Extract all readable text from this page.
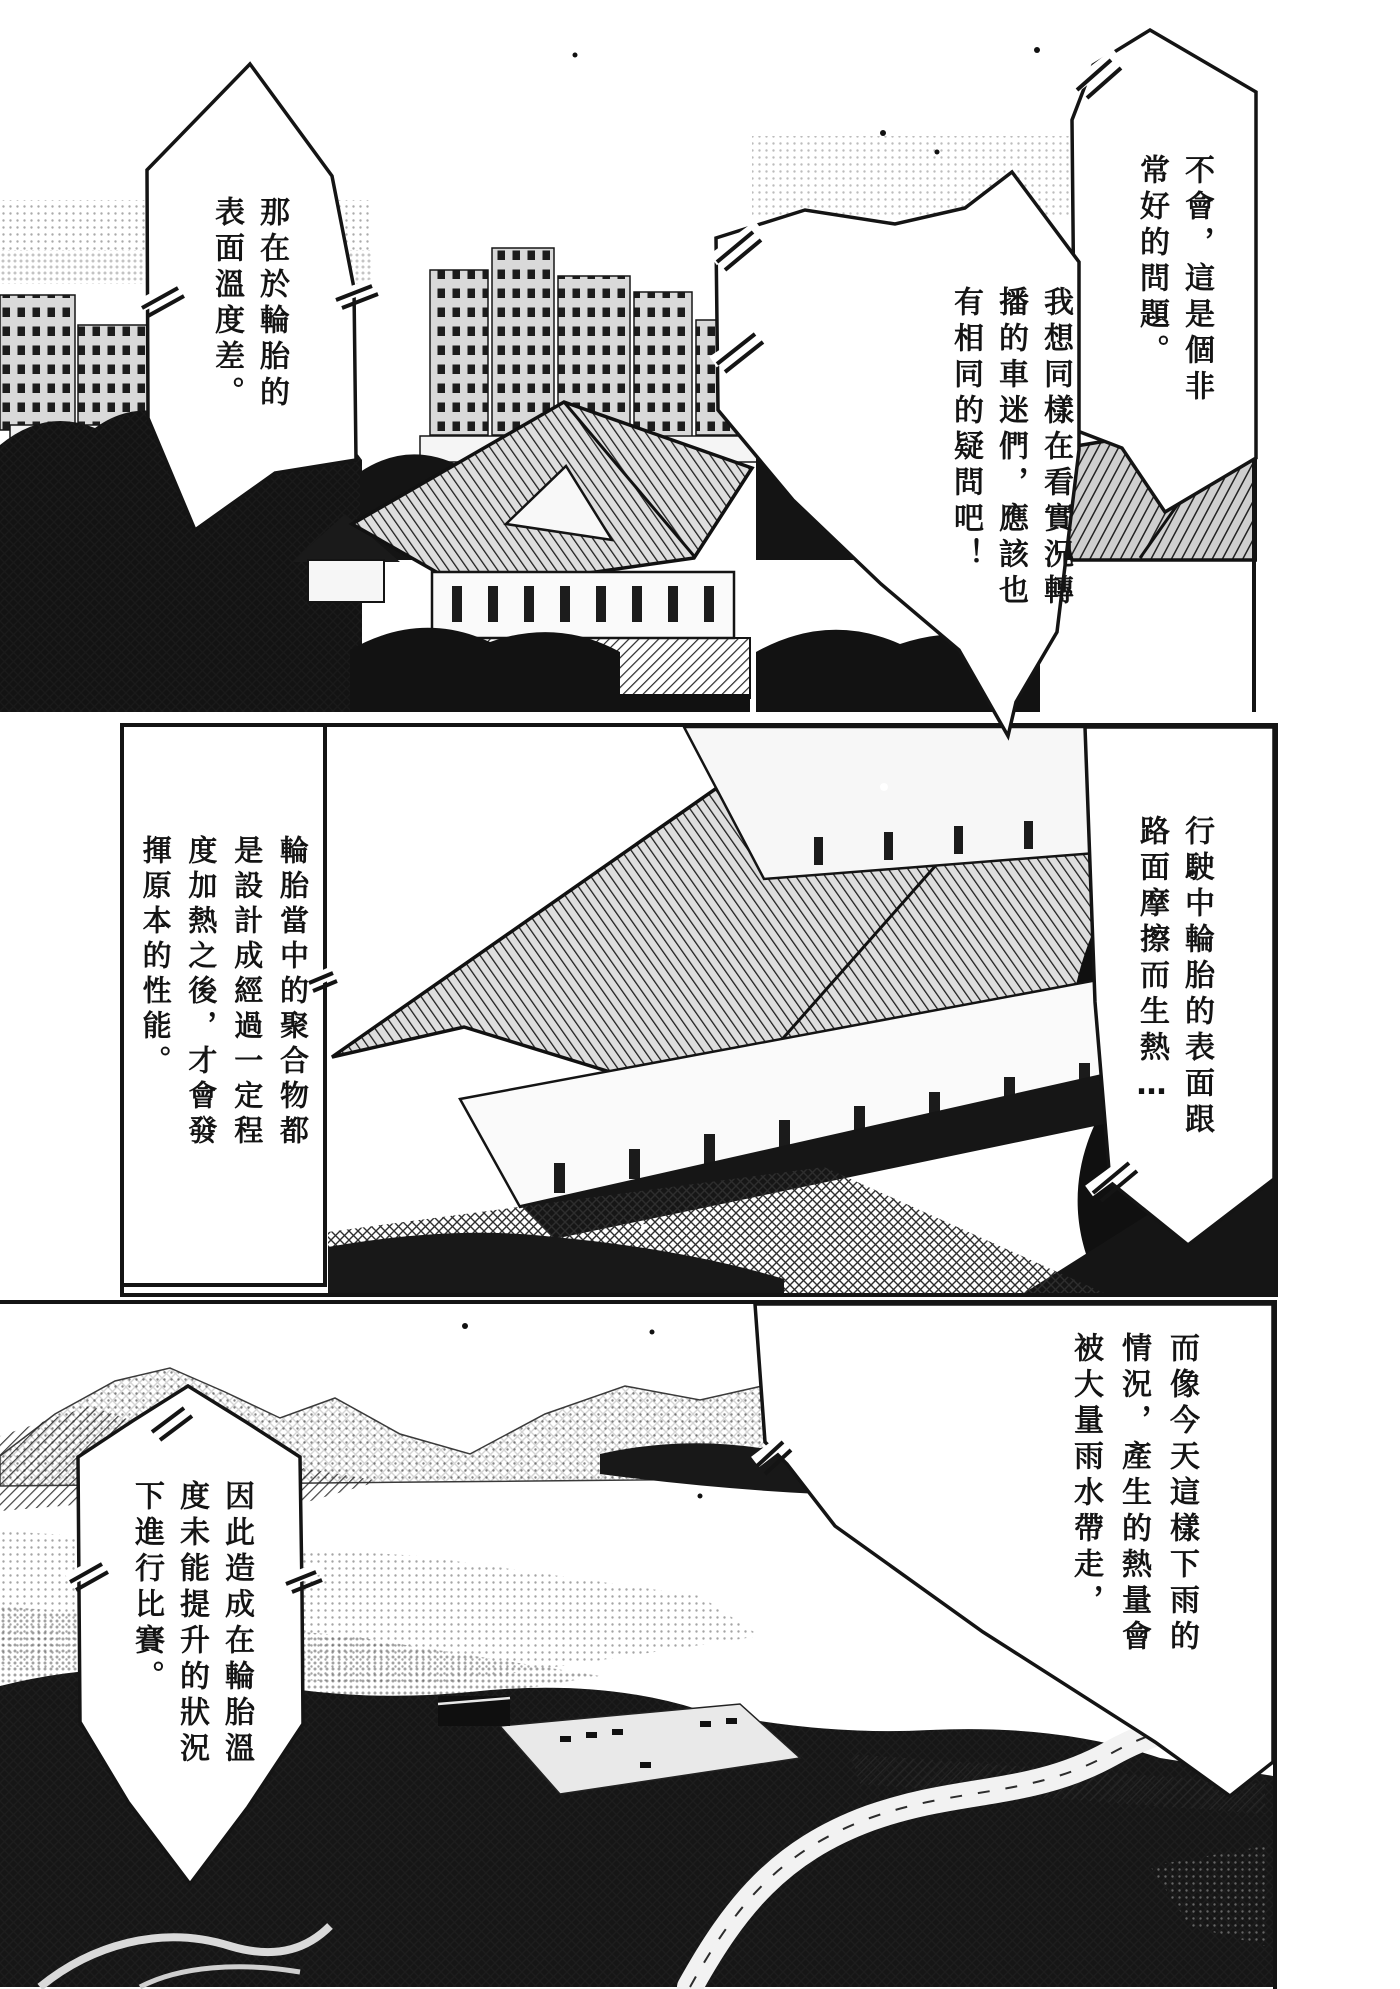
不會，這是個非
常好的問題。
我想同樣在看實況轉
播的車迷們，應該也
有相同的疑問吧！
那在於輪胎的
表面溫度差。
輪胎當中的聚合物都
是設計成經過一定程
度加熱之後，才會發
揮原本的性能。	行駛中輪胎的表面跟
路面摩擦而生熱…
而像今天這樣下雨的
情況，產生的熱量會
被大量雨水帶走，
因此造成在輪胎溫
度未能提升的狀況
下進行比賽。
